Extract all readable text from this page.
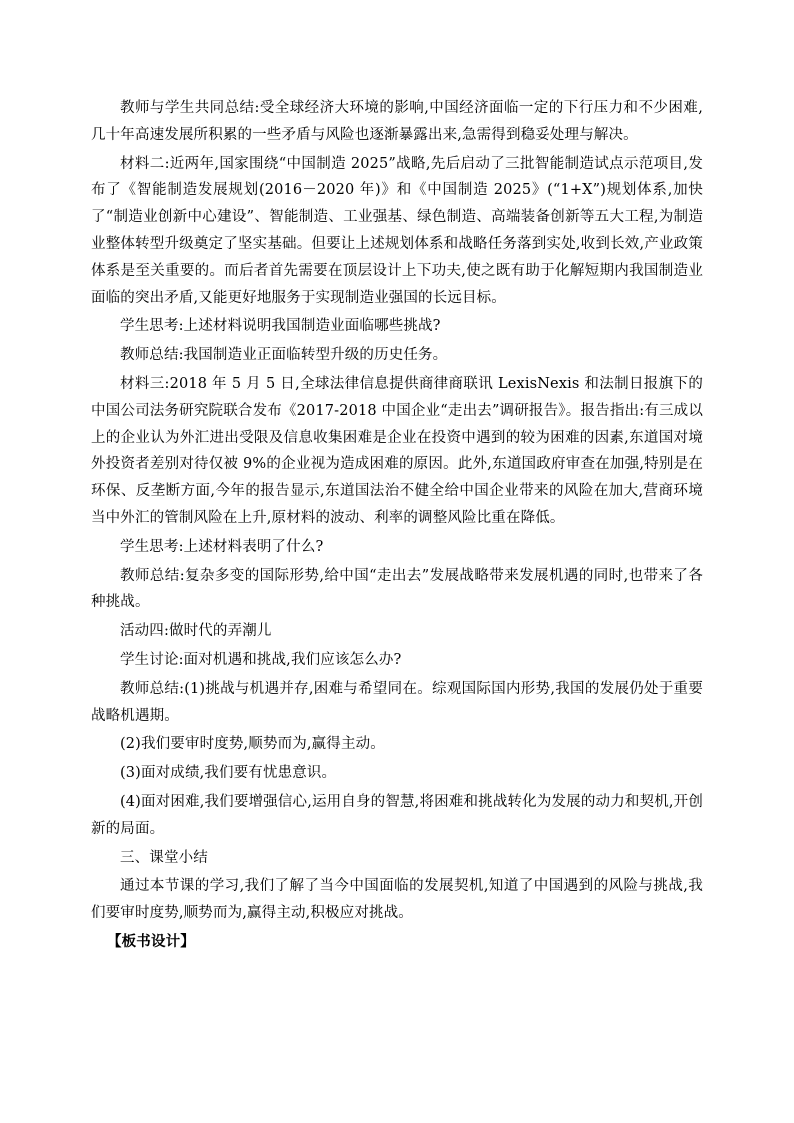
教师与学生共同总结:受全球经济大环境的影响,中国经济面临一定的下行压力和不少困难,几十年高速发展所积累的一些矛盾与风险也逐渐暴露出来,急需得到稳妥处理与解决。

材料二:近两年,国家围绕“中国制造 2025”战略,先后启动了三批智能制造试点示范项目,发布了《智能制造发展规划(2016－2020 年)》和《中国制造 2025》(“1+X”)规划体系,加快了“制造业创新中心建设”、智能制造、工业强基、绿色制造、高端装备创新等五大工程,为制造业整体转型升级奠定了坚实基础。但要让上述规划体系和战略任务落到实处,收到长效,产业政策体系是至关重要的。而后者首先需要在顶层设计上下功夫,使之既有助于化解短期内我国制造业面临的突出矛盾,又能更好地服务于实现制造业强国的长远目标。

学生思考:上述材料说明我国制造业面临哪些挑战?

教师总结:我国制造业正面临转型升级的历史任务。

材料三:2018 年 5 月 5 日,全球法律信息提供商律商联讯 LexisNexis 和法制日报旗下的中国公司法务研究院联合发布《2017-2018 中国企业“走出去”调研报告》。报告指出:有三成以上的企业认为外汇进出受限及信息收集困难是企业在投资中遇到的较为困难的因素,东道国对境外投资者差别对待仅被 9%的企业视为造成困难的原因。此外,东道国政府审查在加强,特别是在环保、反垄断方面,今年的报告显示,东道国法治不健全给中国企业带来的风险在加大,营商环境当中外汇的管制风险在上升,原材料的波动、利率的调整风险比重在降低。

学生思考:上述材料表明了什么?

教师总结:复杂多变的国际形势,给中国“走出去”发展战略带来发展机遇的同时,也带来了各种挑战。

活动四:做时代的弄潮儿

学生讨论:面对机遇和挑战,我们应该怎么办?

教师总结:(1)挑战与机遇并存,困难与希望同在。综观国际国内形势,我国的发展仍处于重要战略机遇期。

(2)我们要审时度势,顺势而为,赢得主动。

(3)面对成绩,我们要有忧患意识。

(4)面对困难,我们要增强信心,运用自身的智慧,将困难和挑战转化为发展的动力和契机,开创新的局面。

三、课堂小结

通过本节课的学习,我们了解了当今中国面临的发展契机,知道了中国遇到的风险与挑战,我们要审时度势,顺势而为,赢得主动,积极应对挑战。

【板书设计】
